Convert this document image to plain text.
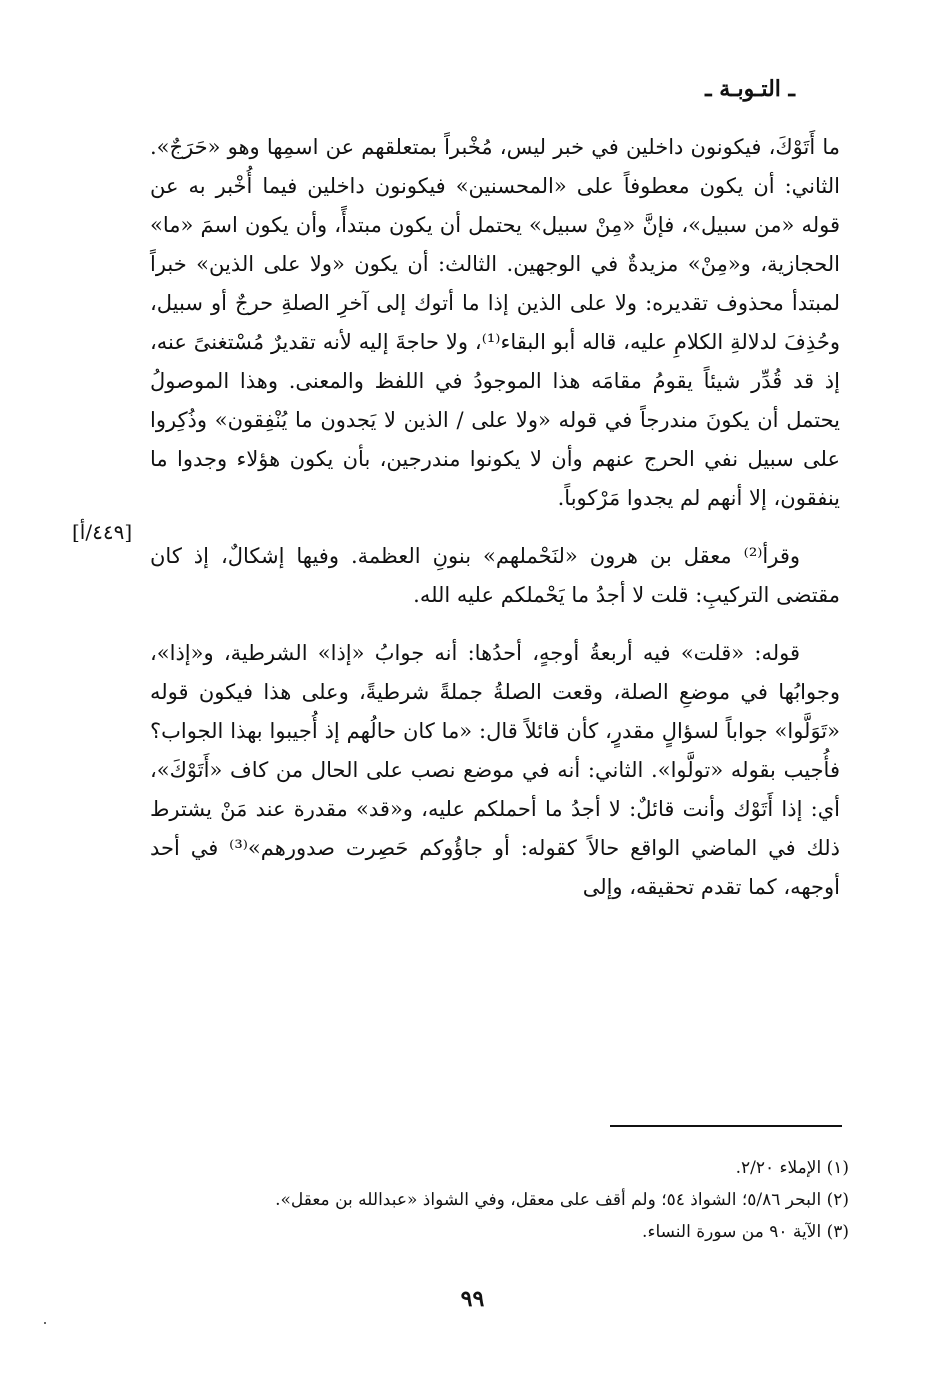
ـ التـوبـة ـ

ما أَتَوْكَ، فيكونون داخلين في خبر ليس، مُخْبراً بمتعلقهم عن اسمِها وهو «حَرَجٌ». الثاني: أن يكون معطوفاً على «المحسنين» فيكونون داخلين فيما أُخْبر به عن قوله «من سبيل»، فإنَّ «مِنْ سبيل» يحتمل أن يكون مبتدأً، وأن يكون اسمَ «ما» الحجازية، و«مِنْ» مزيدةٌ في الوجهين. الثالث: أن يكون «ولا على الذين» خبراً لمبتدأ محذوف تقديره: ولا على الذين إذا ما أتوك إلى آخرِ الصلةِ حرجٌ أو سبيل، وحُذِفَ لدلالةِ الكلامِ عليه، قاله أبو البقاء⁽¹⁾، ولا حاجةَ إليه لأنه تقديرٌ مُسْتغنىً عنه، إذ قد قُدِّر شيئاً يقومُ مقامَه هذا الموجودُ في اللفظ والمعنى. وهذا الموصولُ يحتمل أن يكونَ مندرجاً في قوله «ولا على / الذين لا يَجدون ما يُنْفِقون» وذُكِروا على سبيل نفي الحرج عنهم وأن لا يكونوا مندرجين، بأن يكون هؤلاء وجدوا ما ينفقون، إلا أنهم لم يجدوا مَرْكوباً.

وقرأ⁽²⁾ معقل بن هرون «لنَحْملهم» بنونِ العظمة. وفيها إشكالٌ، إذ كان مقتضى التركيبِ: قلت لا أجدُ ما يَحْملكم عليه الله.

قوله: «قلت» فيه أربعةُ أوجهٍ، أحدُها: أنه جوابُ «إذا» الشرطية، و«إذا»، وجوابُها في موضعِ الصلة، وقعت الصلةُ جملةً شرطيةً، وعلى هذا فيكون قوله «تَوَلَّوا» جواباً لسؤالٍ مقدرٍ، كأن قائلاً قال: «ما كان حالُهم إذ أُجيبوا بهذا الجواب؟ فأُجيب بقوله «تولَّوا». الثاني: أنه في موضع نصب على الحال من كاف «أَتَوْكَ»، أي: إذا أَتَوْك وأنت قائلٌ: لا أجدُ ما أحملكم عليه، و«قد» مقدرة عند مَنْ يشترط ذلك في الماضي الواقع حالاً كقوله: أو جاؤُوكم حَصِرت صدورهم»⁽³⁾ في أحد أوجهه، كما تقدم تحقيقه، وإلى

[٤٤٩/أ]
(١) الإملاء ٢/٢٠.
(٢) البحر ٥/٨٦؛ الشواذ ٥٤؛ ولم أقف على معقل، وفي الشواذ «عبدالله بن معقل».
(٣) الآية ٩٠ من سورة النساء.
٩٩
